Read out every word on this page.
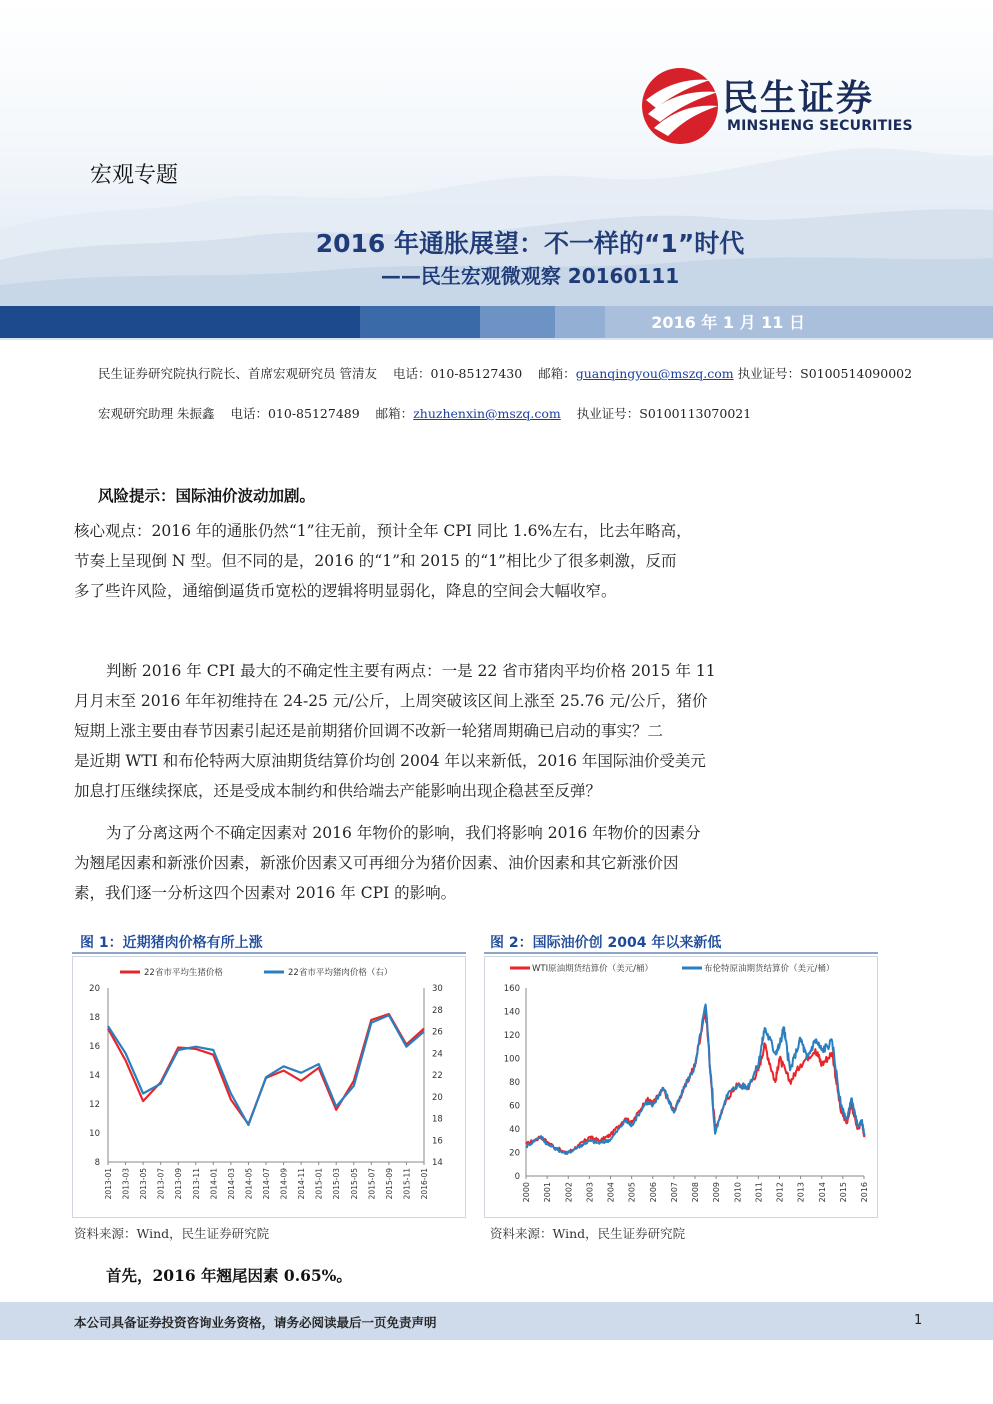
民生证券
MINSHENG SECURITIES
宏观专题
2016 年通胀展望：不一样的“1”时代
——民生宏观微观察 20160111
2016 年 1 月 11 日
民生证券研究院执行院长、首席宏观研究员 管清友 电话：010-85127430 邮箱：guanqingyou@mszq.com 执业证号：S0100514090002
宏观研究助理 朱振鑫 电话：010-85127489 邮箱：zhuzhenxin@mszq.com 执业证号：S0100113070021
风险提示：国际油价波动加剧。
核心观点：2016 年的通胀仍然“1”往无前，预计全年 CPI 同比 1.6%左右，比去年略高，
节奏上呈现倒 N 型。但不同的是，2016 的“1”和 2015 的“1”相比少了很多刺激，反而
多了些许风险，通缩倒逼货币宽松的逻辑将明显弱化，降息的空间会大幅收窄。
判断 2016 年 CPI 最大的不确定性主要有两点：一是 22 省市猪肉平均价格 2015 年 11
月月末至 2016 年年初维持在 24-25 元/公斤，上周突破该区间上涨至 25.76 元/公斤，猪价
短期上涨主要由春节因素引起还是前期猪价回调不改新一轮猪周期确已启动的事实？二
是近期 WTI 和布伦特两大原油期货结算价均创 2004 年以来新低，2016 年国际油价受美元
加息打压继续探底，还是受成本制约和供给端去产能影响出现企稳甚至反弹？
为了分离这两个不确定因素对 2016 年物价的影响，我们将影响 2016 年物价的因素分
为翘尾因素和新涨价因素，新涨价因素又可再细分为猪价因素、油价因素和其它新涨价因
素，我们逐一分析这四个因素对 2016 年 CPI 的影响。
图 1：近期猪肉价格有所上涨
8
10
12
14
16
18
20
14
16
18
20
22
24
26
28
30
2013-01 2013-03 2013-05 2013-07 2013-09 2013-11 2014-01 2014-03 2014-05 2014-07 2014-09 2014-11 2015-01 2015-03 2015-05 2015-07 2015-09 2015-11 2016-01
22省市平均生猪价格	22省市平均猪肉价格（右）
资料来源：Wind，民生证券研究院
图 2：国际油价创 2004 年以来新低
0
20
40
60
80
100
120
140
160
2000 2001 2002 2003 2004 2005 2006 2007 2008 2009 2010 2011 2012 2013 2014 2015 2016
WTI原油期货结算价（美元/桶）	布伦特原油期货结算价（美元/桶）
资料来源：Wind，民生证券研究院
首先，2016 年翘尾因素 0.65%。
本公司具备证券投资咨询业务资格，请务必阅读最后一页免责声明	1
